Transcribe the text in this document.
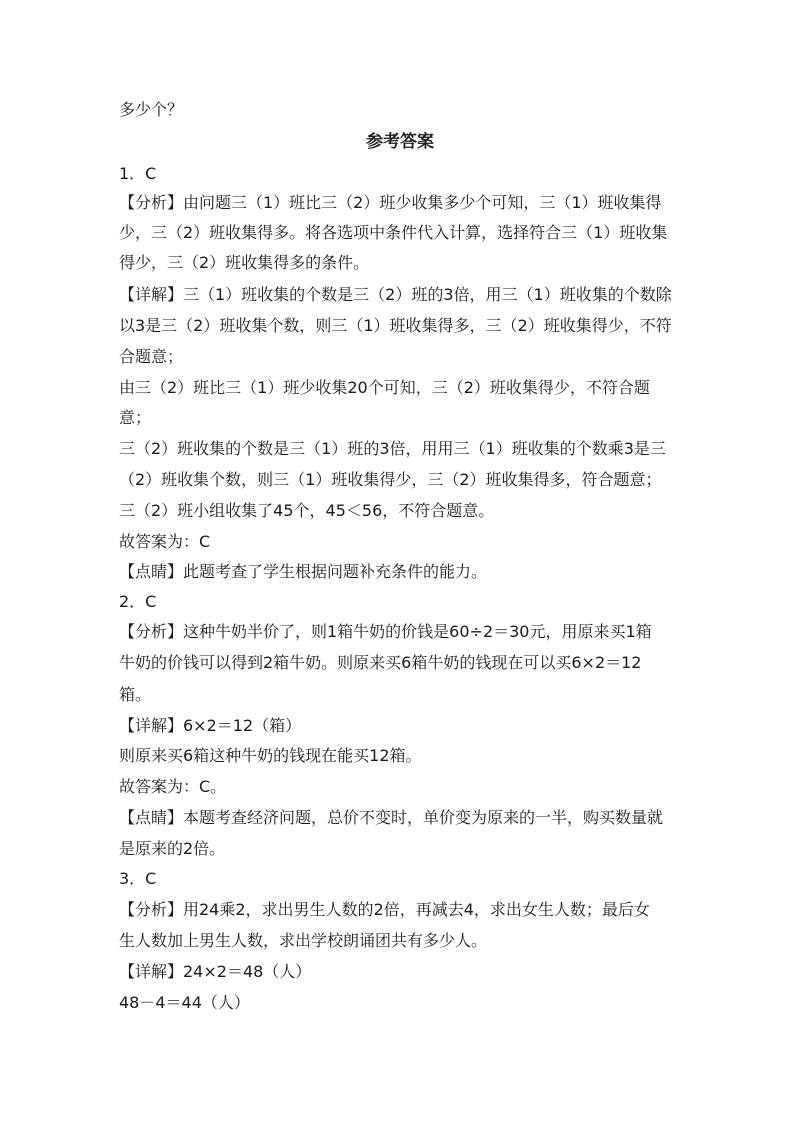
多少个？
参考答案
1．C
【分析】由问题三（1）班比三（2）班少收集多少个可知，三（1）班收集得
少，三（2）班收集得多。将各选项中条件代入计算，选择符合三（1）班收集
得少，三（2）班收集得多的条件。
【详解】三（1）班收集的个数是三（2）班的3倍，用三（1）班收集的个数除
以3是三（2）班收集个数，则三（1）班收集得多，三（2）班收集得少，不符
合题意；
由三（2）班比三（1）班少收集20个可知，三（2）班收集得少，不符合题
意；
三（2）班收集的个数是三（1）班的3倍，用用三（1）班收集的个数乘3是三
（2）班收集个数，则三（1）班收集得少，三（2）班收集得多，符合题意；
三（2）班小组收集了45个，45＜56，不符合题意。
故答案为：C
【点睛】此题考查了学生根据问题补充条件的能力。
2．C
【分析】这种牛奶半价了，则1箱牛奶的价钱是60÷2＝30元，用原来买1箱
牛奶的价钱可以得到2箱牛奶。则原来买6箱牛奶的钱现在可以买6×2＝12
箱。
【详解】6×2＝12（箱）
则原来买6箱这种牛奶的钱现在能买12箱。
故答案为：C。
【点睛】本题考查经济问题，总价不变时，单价变为原来的一半，购买数量就
是原来的2倍。
3．C
【分析】用24乘2，求出男生人数的2倍，再减去4，求出女生人数；最后女
生人数加上男生人数，求出学校朗诵团共有多少人。
【详解】24×2＝48（人）
48－4＝44（人）
